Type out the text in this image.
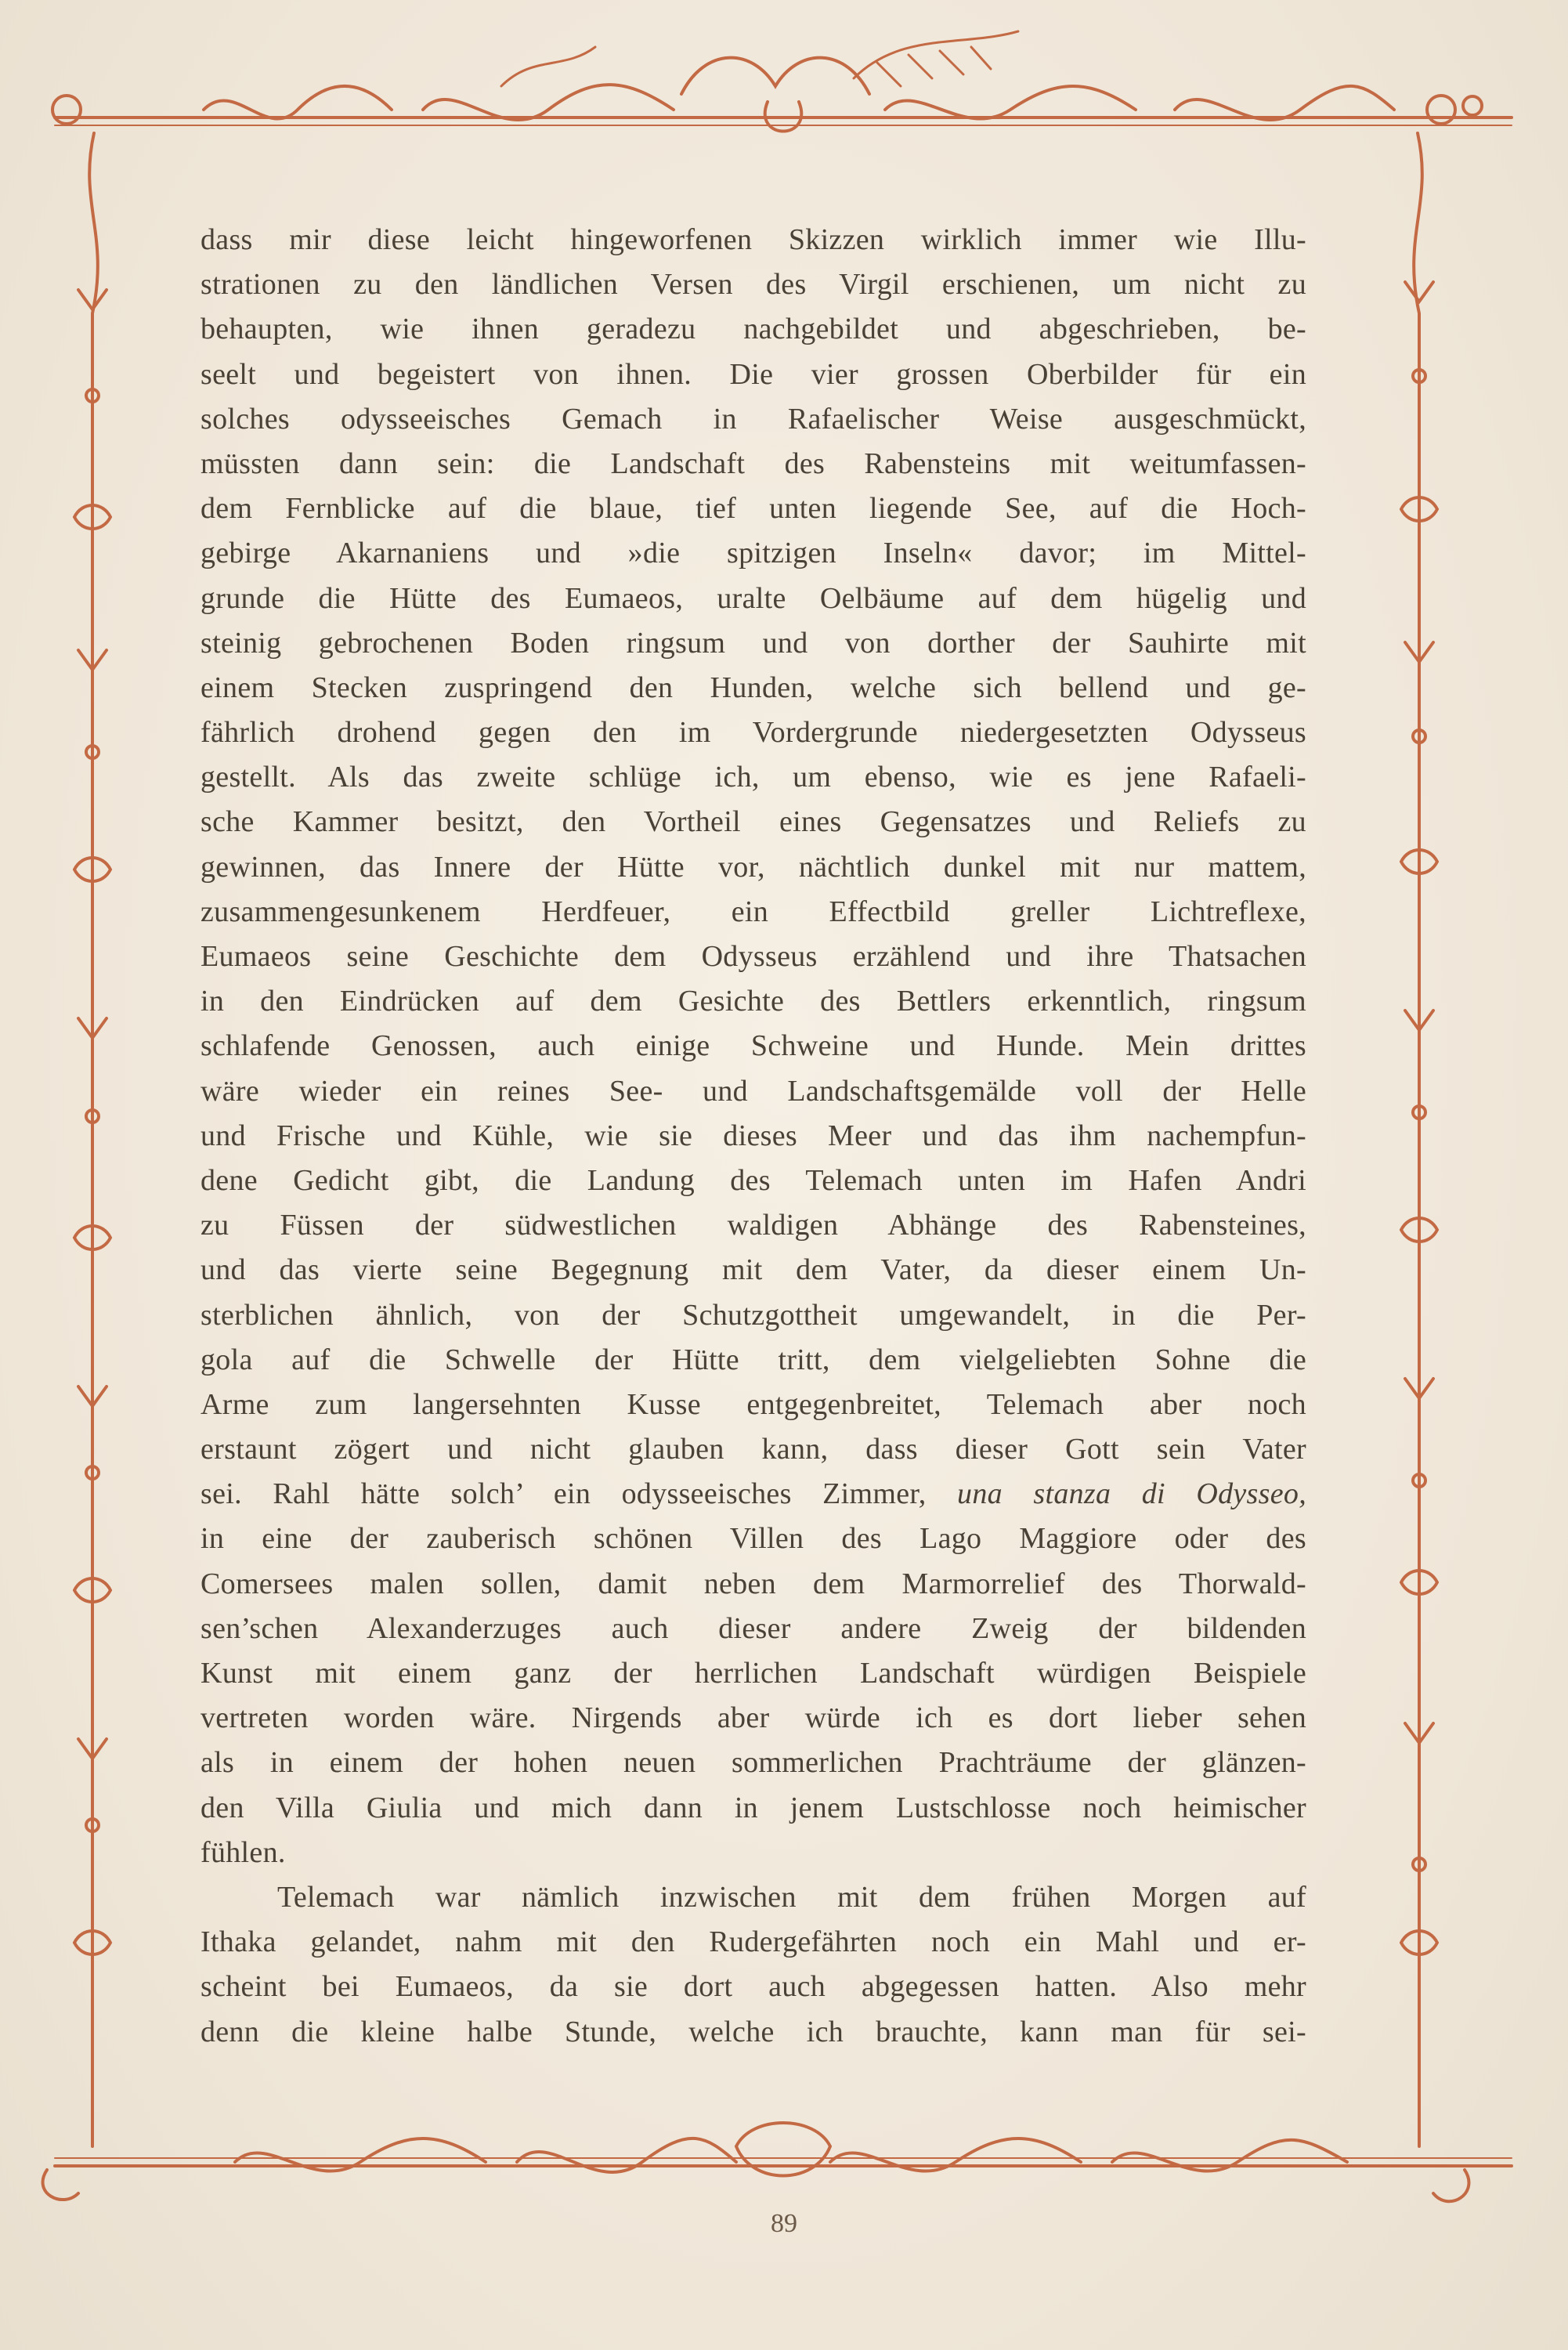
dass mir diese leicht hingeworfenen Skizzen wirklich immer wie Illu-
strationen zu den ländlichen Versen des Virgil erschienen, um nicht zu
behaupten, wie ihnen geradezu nachgebildet und abgeschrieben, be-
seelt und begeistert von ihnen. Die vier grossen Oberbilder für ein
solches odysseeisches Gemach in Rafaelischer Weise ausgeschmückt,
müssten dann sein: die Landschaft des Rabensteins mit weitumfassen-
dem Fernblicke auf die blaue, tief unten liegende See, auf die Hoch-
gebirge Akarnaniens und »die spitzigen Inseln« davor; im Mittel-
grunde die Hütte des Eumaeos, uralte Oelbäume auf dem hügelig und
steinig gebrochenen Boden ringsum und von dorther der Sauhirte mit
einem Stecken zuspringend den Hunden, welche sich bellend und ge-
fährlich drohend gegen den im Vordergrunde niedergesetzten Odysseus
gestellt. Als das zweite schlüge ich, um ebenso, wie es jene Rafaeli-
sche Kammer besitzt, den Vortheil eines Gegensatzes und Reliefs zu
gewinnen, das Innere der Hütte vor, nächtlich dunkel mit nur mattem,
zusammengesunkenem Herdfeuer, ein Effectbild greller Lichtreflexe,
Eumaeos seine Geschichte dem Odysseus erzählend und ihre Thatsachen
in den Eindrücken auf dem Gesichte des Bettlers erkenntlich, ringsum
schlafende Genossen, auch einige Schweine und Hunde. Mein drittes
wäre wieder ein reines See- und Landschaftsgemälde voll der Helle
und Frische und Kühle, wie sie dieses Meer und das ihm nachempfun-
dene Gedicht gibt, die Landung des Telemach unten im Hafen Andri
zu Füssen der südwestlichen waldigen Abhänge des Rabensteines,
und das vierte seine Begegnung mit dem Vater, da dieser einem Un-
sterblichen ähnlich, von der Schutzgottheit umgewandelt, in die Per-
gola auf die Schwelle der Hütte tritt, dem vielgeliebten Sohne die
Arme zum langersehnten Kusse entgegenbreitet, Telemach aber noch
erstaunt zögert und nicht glauben kann, dass dieser Gott sein Vater
sei. Rahl hätte solch’ ein odysseeisches Zimmer, una stanza di Odysseo,
in eine der zauberisch schönen Villen des Lago Maggiore oder des
Comersees malen sollen, damit neben dem Marmorrelief des Thorwald-
sen’schen Alexanderzuges auch dieser andere Zweig der bildenden
Kunst mit einem ganz der herrlichen Landschaft würdigen Beispiele
vertreten worden wäre. Nirgends aber würde ich es dort lieber sehen
als in einem der hohen neuen sommerlichen Prachträume der glänzen-
den Villa Giulia und mich dann in jenem Lustschlosse noch heimischer
fühlen.
Telemach war nämlich inzwischen mit dem frühen Morgen auf
Ithaka gelandet, nahm mit den Rudergefährten noch ein Mahl und er-
scheint bei Eumaeos, da sie dort auch abgegessen hatten. Also mehr
denn die kleine halbe Stunde, welche ich brauchte, kann man für sei-
89
